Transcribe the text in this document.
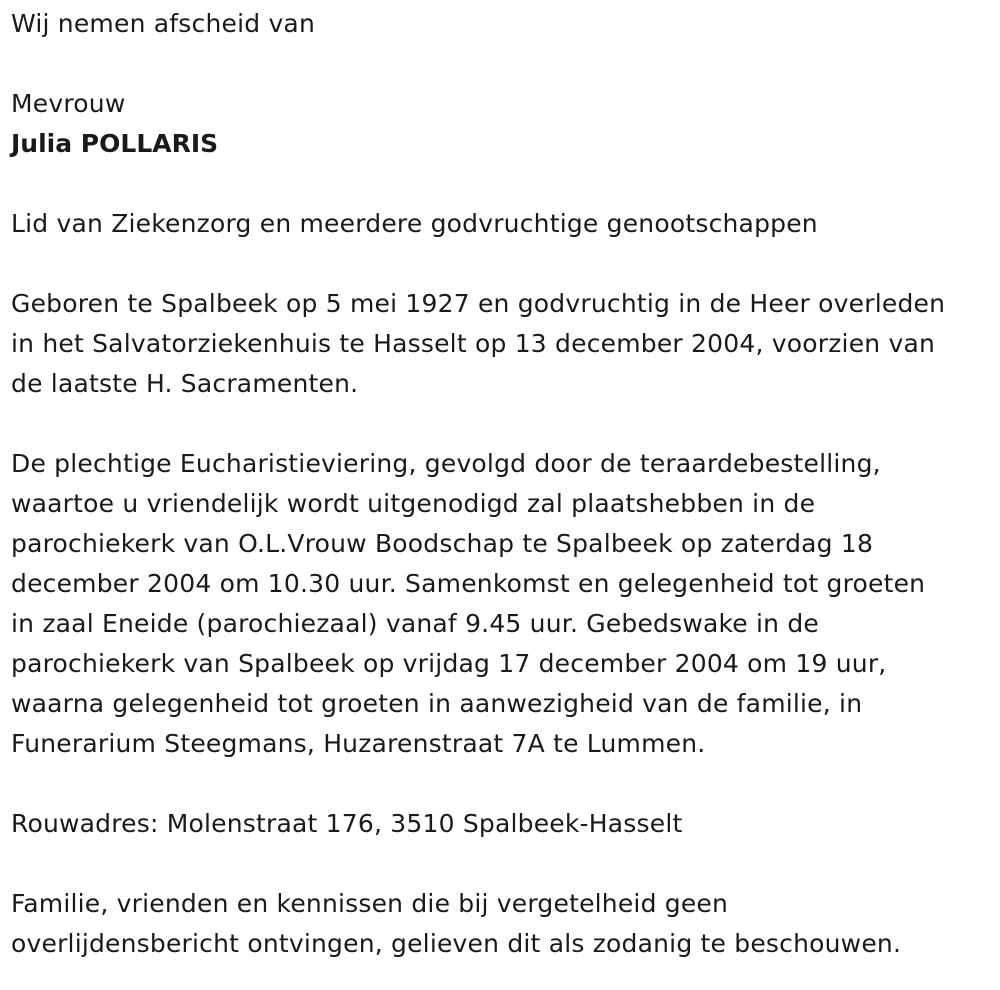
Wij nemen afscheid van

Mevrouw

Julia POLLARIS

Lid van Ziekenzorg en meerdere godvruchtige genootschappen

Geboren te Spalbeek op 5 mei 1927 en godvruchtig in de Heer overleden
in het Salvatorziekenhuis te Hasselt op 13 december 2004, voorzien van
de laatste H. Sacramenten.

De plechtige Eucharistieviering, gevolgd door de teraardebestelling,
waartoe u vriendelijk wordt uitgenodigd zal plaatshebben in de
parochiekerk van O.L.Vrouw Boodschap te Spalbeek op zaterdag 18
december 2004 om 10.30 uur. Samenkomst en gelegenheid tot groeten
in zaal Eneide (parochiezaal) vanaf 9.45 uur. Gebedswake in de
parochiekerk van Spalbeek op vrijdag 17 december 2004 om 19 uur,
waarna gelegenheid tot groeten in aanwezigheid van de familie, in
Funerarium Steegmans, Huzarenstraat 7A te Lummen.

Rouwadres: Molenstraat 176, 3510 Spalbeek-Hasselt

Familie, vrienden en kennissen die bij vergetelheid geen
overlijdensbericht ontvingen, gelieven dit als zodanig te beschouwen.
